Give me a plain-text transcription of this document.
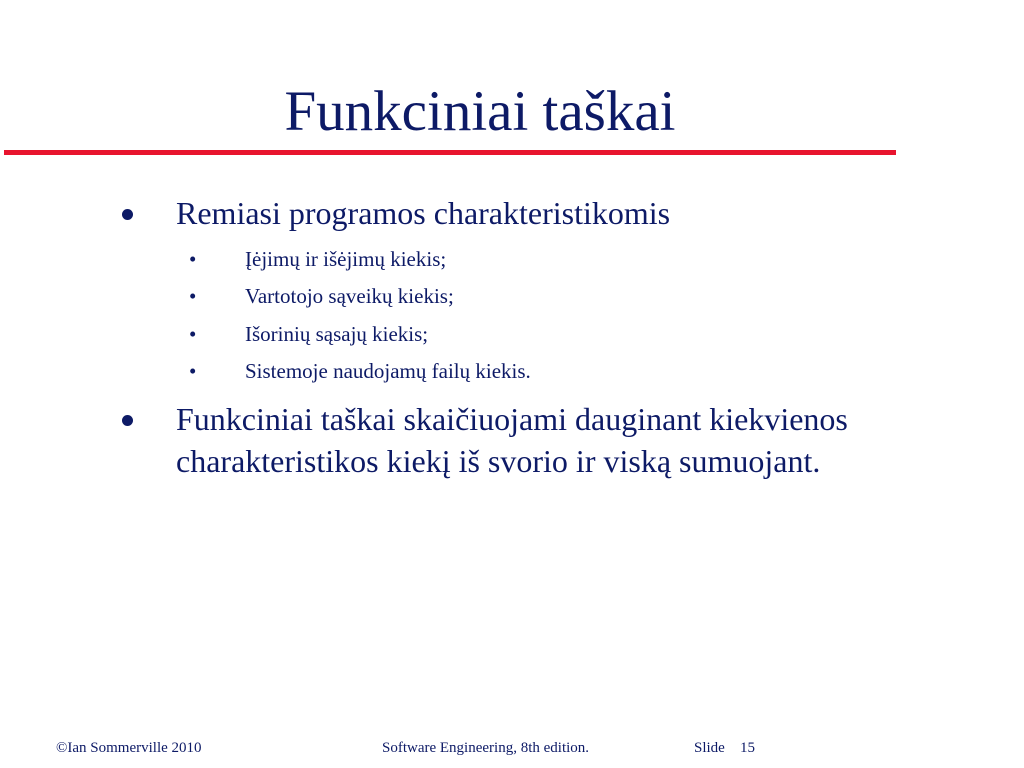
Funkciniai taškai
Remiasi programos charakteristikomis
• Įėjimų ir išėjimų kiekis;
• Vartotojo sąveikų kiekis;
• Išorinių sąsajų kiekis;
• Sistemoje naudojamų failų kiekis.
Funkciniai taškai skaičiuojami dauginant kiekvienos charakteristikos kiekį iš svorio ir viską sumuojant.
©Ian Sommerville 2010	Software Engineering, 8th edition.	Slide 15
